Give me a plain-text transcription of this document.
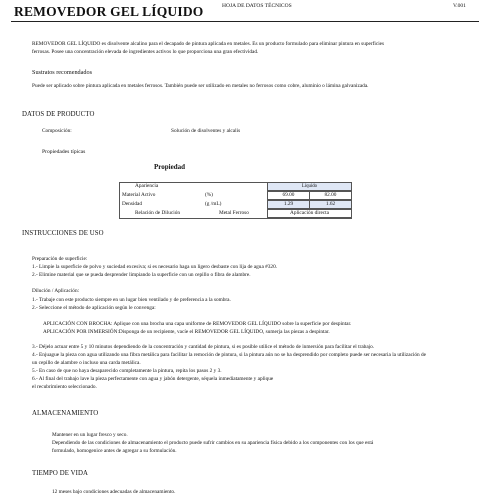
REMOVEDOR GEL LÍQUIDO	HOJA DE DATOS TÉCNICOS	V.001
REMOVEDOR GEL LÍQUIDO es disolvente alcalino para el decapado de pintura aplicada en metales. Es un producto formulado para eliminar pintura en superficies
ferrosas. Posee una concentración elevada de ingredientes activos lo que proporciona una gran efectividad.
Sustratos recomendados
Puede ser aplicado sobre pintura aplicada en metales ferrosos. También puede ser utilizado en metales no ferrosos como cobre, aluminio o lámina galvanizada.
DATOS DE PRODUCTO
Composición:	Solución de disolventes y alcalis
Propiedades típicas
Propiedad
Apariencia	Líquido
Material Activo	(%)	69.00	82.00
Densidad	(g /mL)	1.29	1.62
Relación de Dilución	Metal Ferroso	Aplicación directa
INSTRUCCIONES DE USO
Preparación de superficie:
1.- Limpie la superficie de polvo y suciedad excesiva; si es necesario haga un ligero desbaste con lija de agua #320.
2.- Elimine material que se pueda desprender limpiando la superficie con un cepillo o fibra de alambre.
Dilución / Aplicación:
1.- Trabaje con este producto siempre en un lugar bien ventilado y de preferencia a la sombra.
2.- Seleccione el método de aplicación según le convenga:
APLICACIÓN CON BROCHA: Aplique con una brocha una capa uniforme de REMOVEDOR GEL LÍQUIDO sobre la superficie por despintar.
APLICACIÓN POR INMERSIÓN:Disponga de un recipiente, vacíe el REMOVEDOR GEL LÍQUIDO, sumerja las piezas a despintar.
3.- Déjelo actuar entre 5 y 10 minutos dependiendo de la concentración y cantidad de pintura, si es posible utilice el método de inmersión para facilitar el trabajo.
4.- Enjuague la pieza con agua utilizando una fibra metálica para facilitar la remoción de pintura, si la pintura aún no se ha desprendido por completo puede ser necesaria la utilización de
un cepillo de alambre o incluso una carda metálica.
5.- En caso de que no haya desaparecido completamente la pintura, repita los pasos 2 y 3.
6.- Al final del trabajo lave la pieza perfectamente con agua y jabón detergente, séquela inmediatamente y aplique
el recubrimiento seleccionado.
ALMACENAMIENTO
Mantener en un lugar fresco y seco.
Dependiendo de las condiciones de almacenamiento el producto puede sufrir cambios en su apariencia física debido a los componentes con los que está
formulado, homogenice antes de agregar a su formulación.
TIEMPO DE VIDA
12 meses bajo condiciones adecuadas de almacenamiento.
